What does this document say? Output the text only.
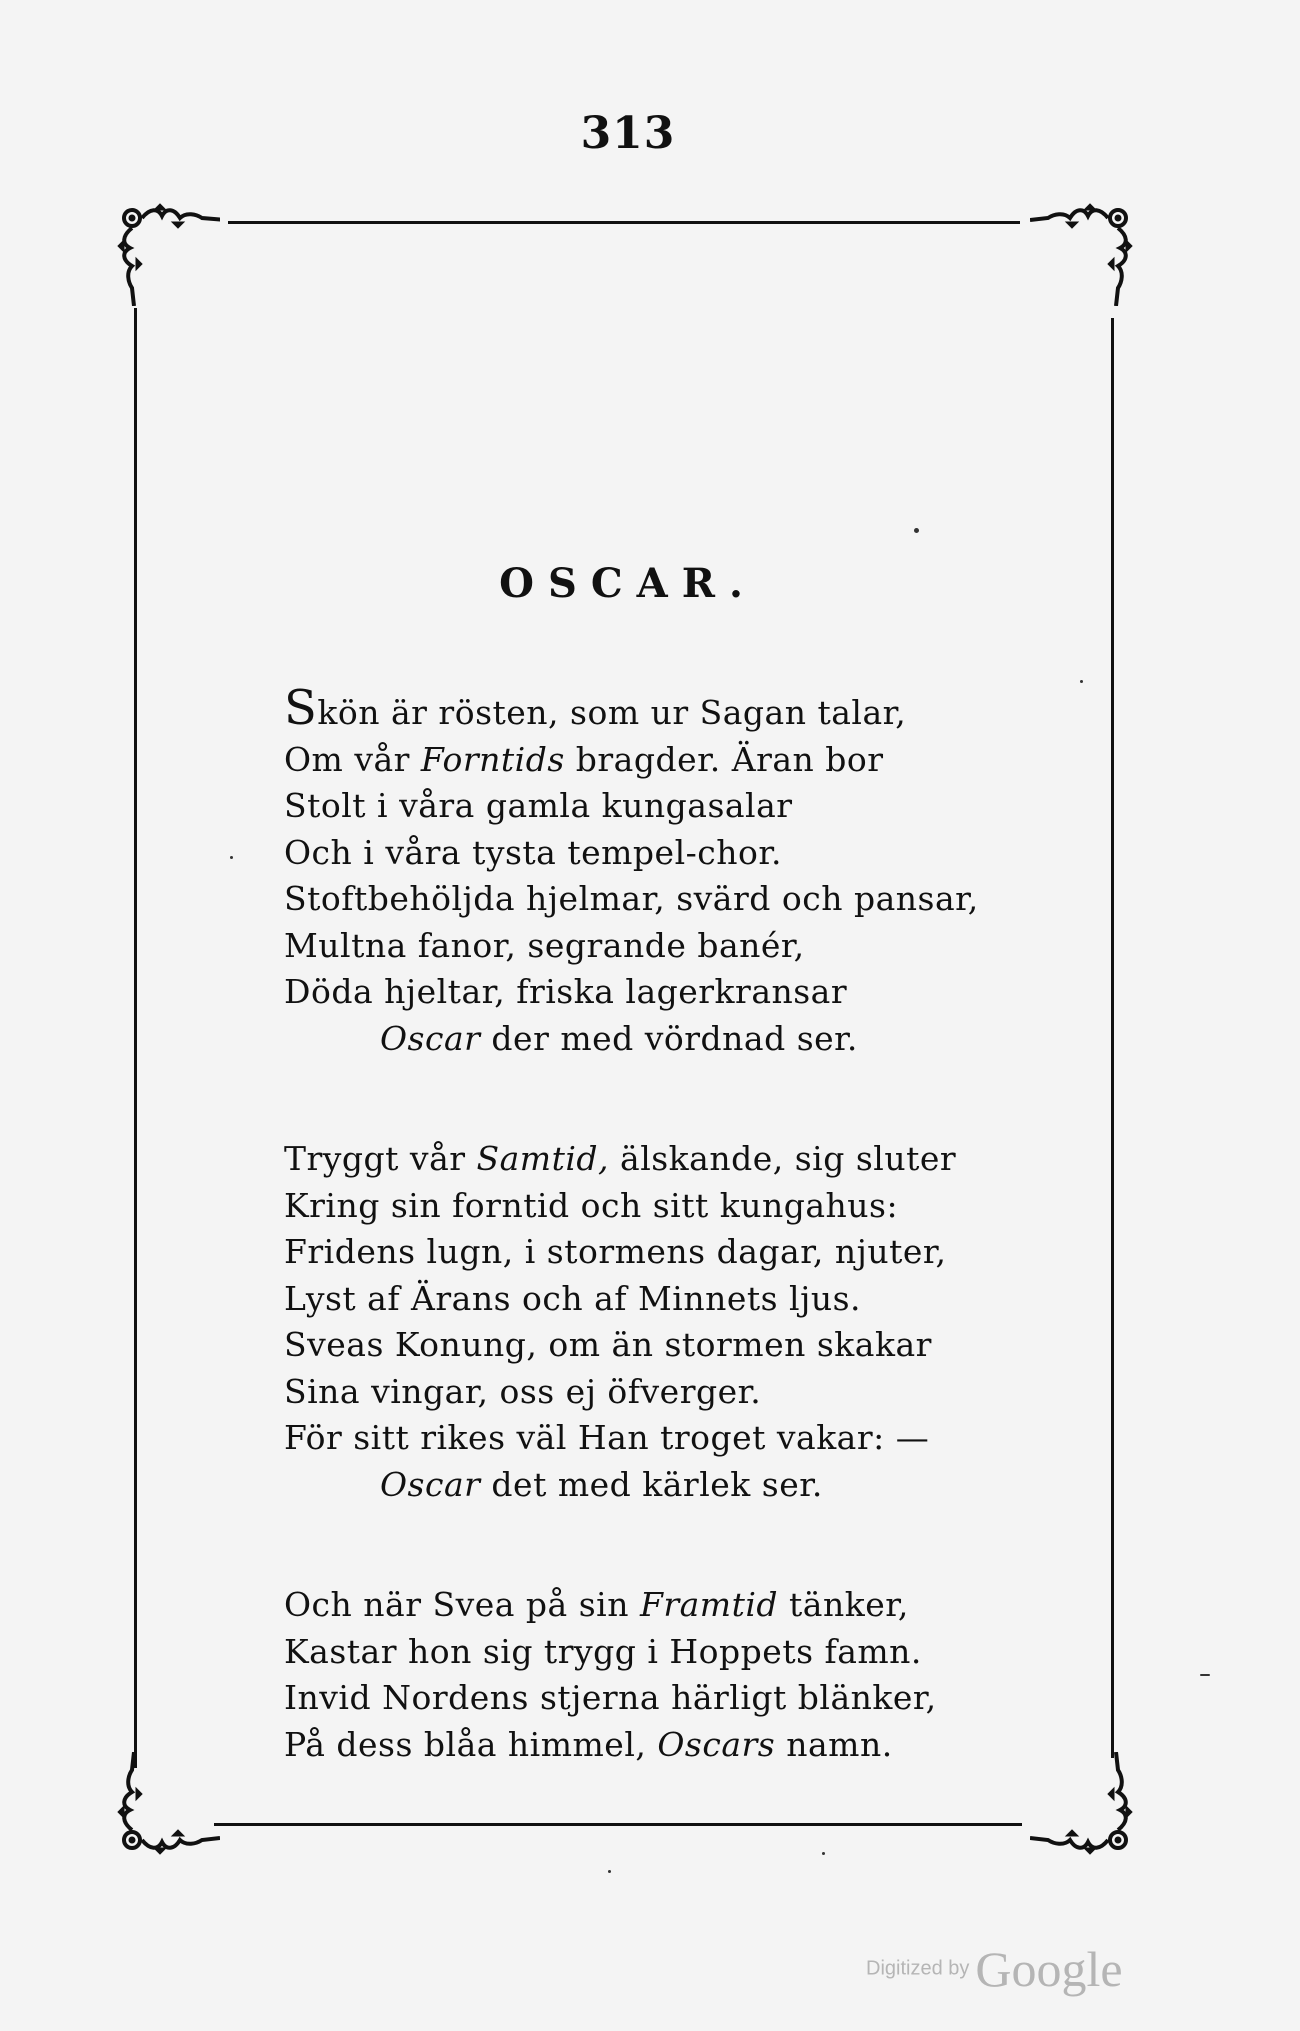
313
OSCAR.
Skön är rösten, som ur Sagan talar,
Om vår Forntids bragder. Äran bor
Stolt i våra gamla kungasalar
Och i våra tysta tempel-chor.
Stoftbehöljda hjelmar, svärd och pansar,
Multna fanor, segrande banér,
Döda hjeltar, friska lagerkransar
Oscar der med vördnad ser.
Tryggt vår Samtid, älskande, sig sluter
Kring sin forntid och sitt kungahus:
Fridens lugn, i stormens dagar, njuter,
Lyst af Ärans och af Minnets ljus.
Sveas Konung, om än stormen skakar
Sina vingar, oss ej öfverger.
För sitt rikes väl Han troget vakar: —
Oscar det med kärlek ser.
Och när Svea på sin Framtid tänker,
Kastar hon sig trygg i Hoppets famn.
Invid Nordens stjerna härligt blänker,
På dess blåa himmel, Oscars namn.
Digitized by Google
